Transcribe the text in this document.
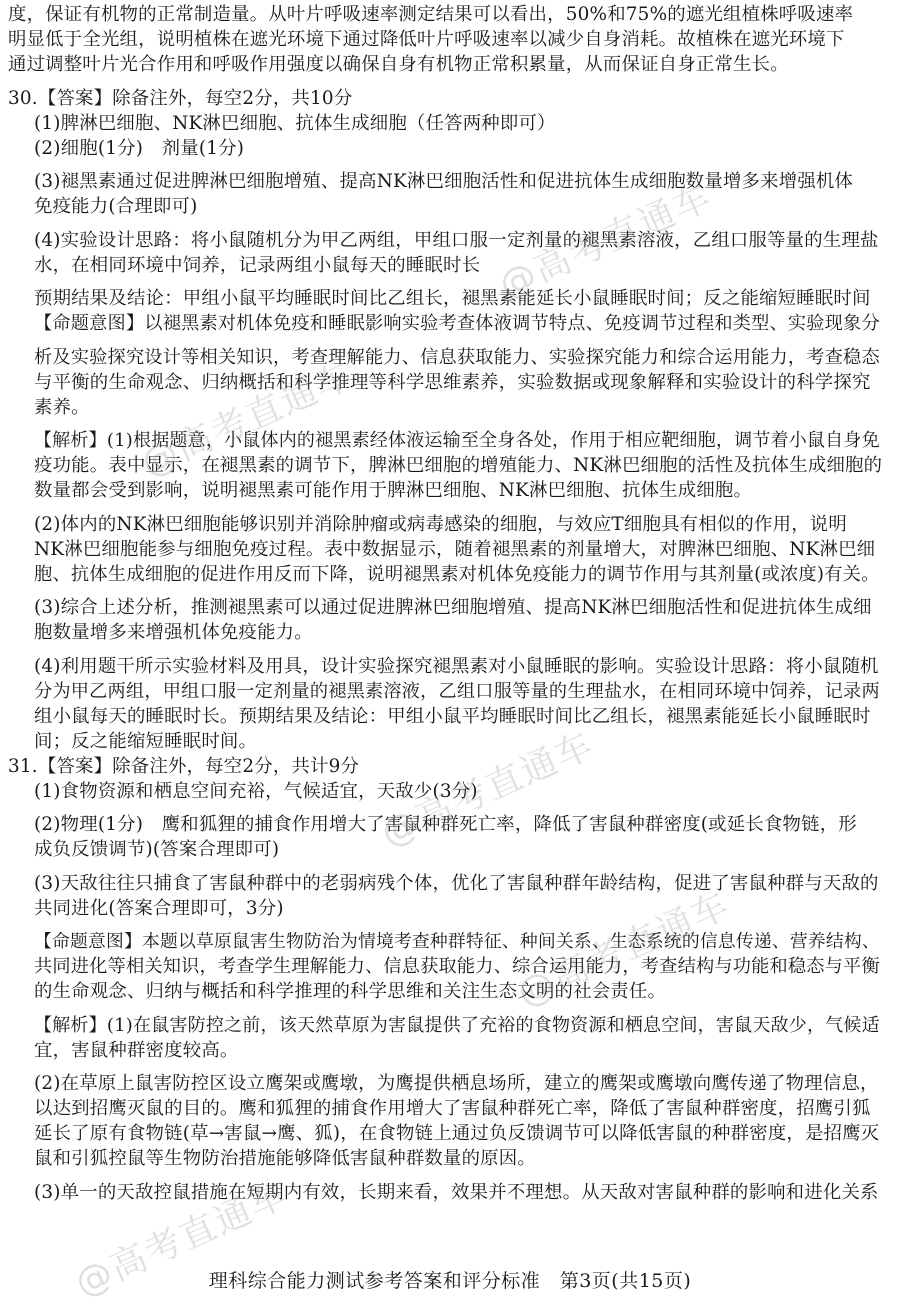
度，保证有机物的正常制造量。从叶片呼吸速率测定结果可以看出，50%和75%的遮光组植株呼吸速率
明显低于全光组，说明植株在遮光环境下通过降低叶片呼吸速率以减少自身消耗。故植株在遮光环境下
通过调整叶片光合作用和呼吸作用强度以确保自身有机物正常积累量，从而保证自身正常生长。
30.【答案】除备注外，每空2分，共10分
(1)脾淋巴细胞、NK淋巴细胞、抗体生成细胞（任答两种即可）
(2)细胞(1分)　剂量(1分)
(3)褪黑素通过促进脾淋巴细胞增殖、提高NK淋巴细胞活性和促进抗体生成细胞数量增多来增强机体
免疫能力(合理即可)
(4)实验设计思路：将小鼠随机分为甲乙两组，甲组口服一定剂量的褪黑素溶液，乙组口服等量的生理盐
水，在相同环境中饲养，记录两组小鼠每天的睡眠时长
预期结果及结论：甲组小鼠平均睡眠时间比乙组长，褪黑素能延长小鼠睡眠时间；反之能缩短睡眠时间
【命题意图】以褪黑素对机体免疫和睡眠影响实验考查体液调节特点、免疫调节过程和类型、实验现象分
析及实验探究设计等相关知识，考查理解能力、信息获取能力、实验探究能力和综合运用能力，考查稳态
与平衡的生命观念、归纳概括和科学推理等科学思维素养，实验数据或现象解释和实验设计的科学探究
素养。
【解析】(1)根据题意，小鼠体内的褪黑素经体液运输至全身各处，作用于相应靶细胞，调节着小鼠自身免
疫功能。表中显示，在褪黑素的调节下，脾淋巴细胞的增殖能力、NK淋巴细胞的活性及抗体生成细胞的
数量都会受到影响，说明褪黑素可能作用于脾淋巴细胞、NK淋巴细胞、抗体生成细胞。
(2)体内的NK淋巴细胞能够识别并消除肿瘤或病毒感染的细胞，与效应T细胞具有相似的作用，说明
NK淋巴细胞能参与细胞免疫过程。表中数据显示，随着褪黑素的剂量增大，对脾淋巴细胞、NK淋巴细
胞、抗体生成细胞的促进作用反而下降，说明褪黑素对机体免疫能力的调节作用与其剂量(或浓度)有关。
(3)综合上述分析，推测褪黑素可以通过促进脾淋巴细胞增殖、提高NK淋巴细胞活性和促进抗体生成细
胞数量增多来增强机体免疫能力。
(4)利用题干所示实验材料及用具，设计实验探究褪黑素对小鼠睡眠的影响。实验设计思路：将小鼠随机
分为甲乙两组，甲组口服一定剂量的褪黑素溶液，乙组口服等量的生理盐水，在相同环境中饲养，记录两
组小鼠每天的睡眠时长。预期结果及结论：甲组小鼠平均睡眠时间比乙组长，褪黑素能延长小鼠睡眠时
间；反之能缩短睡眠时间。
31.【答案】除备注外，每空2分，共计9分
(1)食物资源和栖息空间充裕，气候适宜，天敌少(3分)
(2)物理(1分)　鹰和狐狸的捕食作用增大了害鼠种群死亡率，降低了害鼠种群密度(或延长食物链，形
成负反馈调节)(答案合理即可)
(3)天敌往往只捕食了害鼠种群中的老弱病残个体，优化了害鼠种群年龄结构，促进了害鼠种群与天敌的
共同进化(答案合理即可，3分)
【命题意图】本题以草原鼠害生物防治为情境考查种群特征、种间关系、生态系统的信息传递、营养结构、
共同进化等相关知识，考查学生理解能力、信息获取能力、综合运用能力，考查结构与功能和稳态与平衡
的生命观念、归纳与概括和科学推理的科学思维和关注生态文明的社会责任。
【解析】(1)在鼠害防控之前，该天然草原为害鼠提供了充裕的食物资源和栖息空间，害鼠天敌少，气候适
宜，害鼠种群密度较高。
(2)在草原上鼠害防控区设立鹰架或鹰墩，为鹰提供栖息场所，建立的鹰架或鹰墩向鹰传递了物理信息，
以达到招鹰灭鼠的目的。鹰和狐狸的捕食作用增大了害鼠种群死亡率，降低了害鼠种群密度，招鹰引狐
延长了原有食物链(草→害鼠→鹰、狐)，在食物链上通过负反馈调节可以降低害鼠的种群密度，是招鹰灭
鼠和引狐控鼠等生物防治措施能够降低害鼠种群数量的原因。
(3)单一的天敌控鼠措施在短期内有效，长期来看，效果并不理想。从天敌对害鼠种群的影响和进化关系
@高考直通车
@高考直通车
@高考直通车
@高考直通车
@高考直通车
理科综合能力测试参考答案和评分标准　第3页(共15页)
